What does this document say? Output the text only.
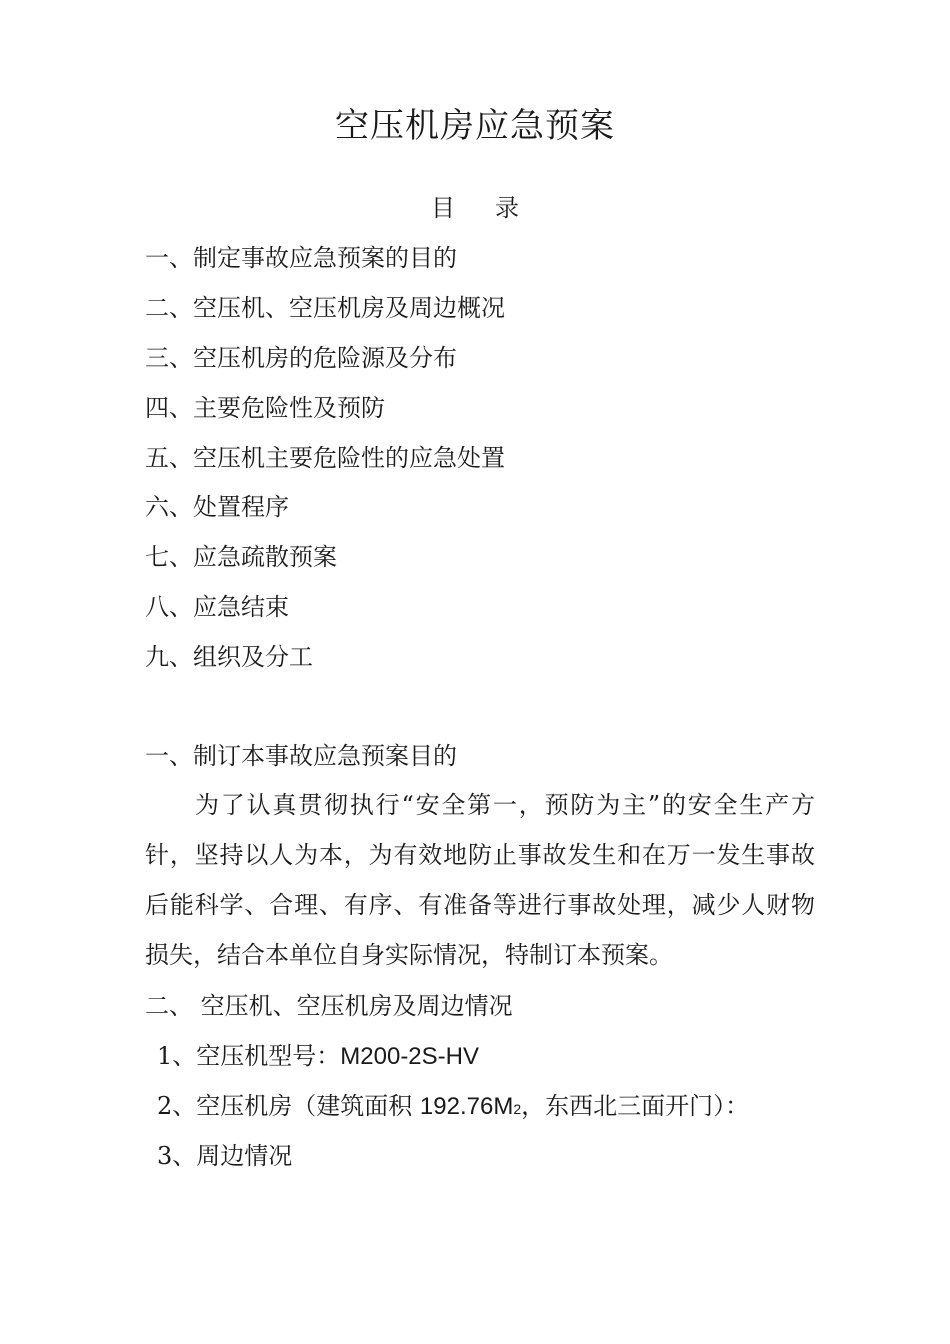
空压机房应急预案
目 录
一、制定事故应急预案的目的
二、空压机、空压机房及周边概况
三、空压机房的危险源及分布
四、主要危险性及预防
五、空压机主要危险性的应急处置
六、处置程序
七、应急疏散预案
八、应急结束
九、组织及分工
一、制订本事故应急预案目的
为了认真贯彻执行“安全第一，预防为主”的安全生产方针，坚持以人为本，为有效地防止事故发生和在万一发生事故后能科学、合理、有序、有准备等进行事故处理，减少人财物损失，结合本单位自身实际情况，特制订本预案。
二、 空压机、空压机房及周边情况
1、空压机型号：M200-2S-HV
2、空压机房（建筑面积 192.76M2，东西北三面开门）：
3、周边情况
